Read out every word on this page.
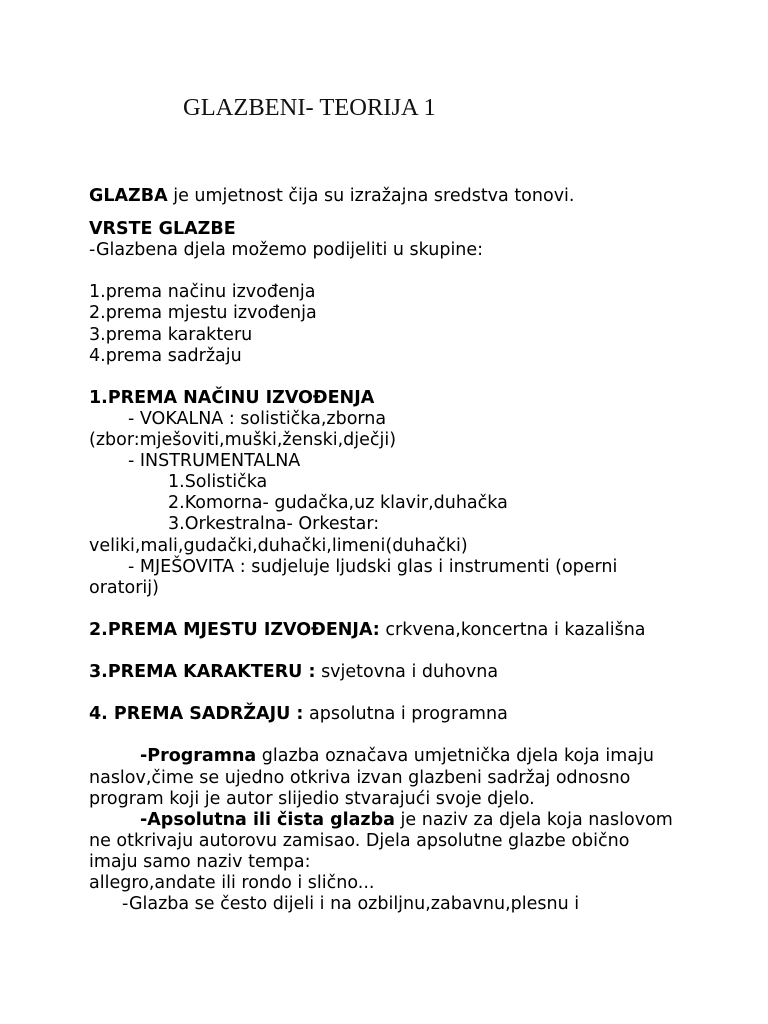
GLAZBENI- TEORIJA 1
GLAZBA je umjetnost čija su izražajna sredstva tonovi.
VRSTE GLAZBE
-Glazbena djela možemo podijeliti u skupine:
1.prema načinu izvođenja
2.prema mjestu izvođenja
3.prema karakteru
4.prema sadržaju
1.PREMA NAČINU IZVOĐENJA
- VOKALNA : solistička,zborna
(zbor:mješoviti,muški,ženski,dječji)
- INSTRUMENTALNA
1.Solistička
2.Komorna- gudačka,uz klavir,duhačka
3.Orkestralna- Orkestar:
veliki,mali,gudački,duhački,limeni(duhački)
- MJEŠOVITA : sudjeluje ljudski glas i instrumenti (operni
oratorij)
2.PREMA MJESTU IZVOĐENJA: crkvena,koncertna i kazališna
3.PREMA KARAKTERU : svjetovna i duhovna
4. PREMA SADRŽAJU : apsolutna i programna
-Programna glazba označava umjetnička djela koja imaju
naslov,čime se ujedno otkriva izvan glazbeni sadržaj odnosno
program koji je autor slijedio stvarajući svoje djelo.
-Apsolutna ili čista glazba je naziv za djela koja naslovom
ne otkrivaju autorovu zamisao. Djela apsolutne glazbe obično
imaju samo naziv tempa:
allegro,andate ili rondo i slično...
-Glazba se često dijeli i na ozbiljnu,zabavnu,plesnu i
